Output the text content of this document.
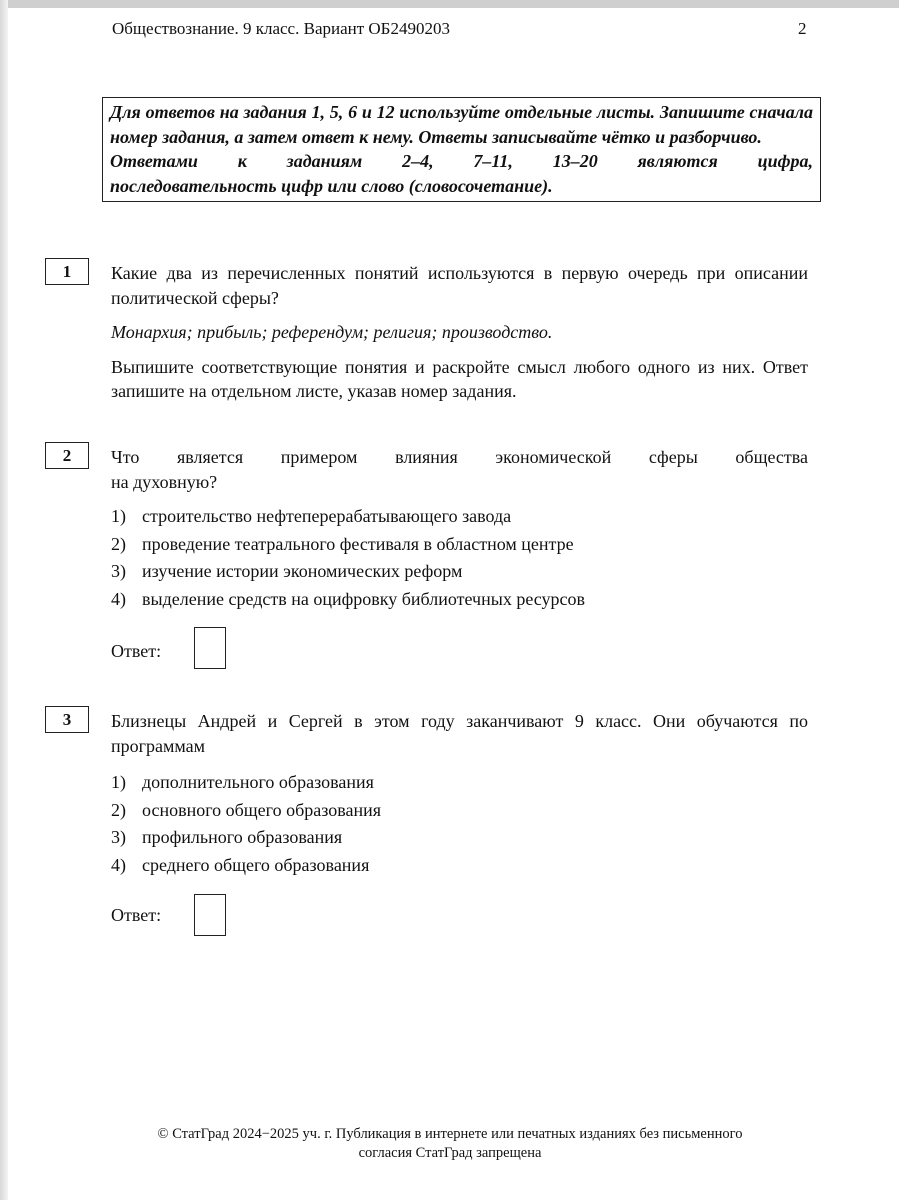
Обществознание. 9 класс. Вариант ОБ2490203	2

Для ответов на задания 1, 5, 6 и 12 используйте отдельные листы. Запишите сначала номер задания, а затем ответ к нему. Ответы записывайте чётко и разборчиво.

Ответами к заданиям 2–4, 7–11, 13–20 являются цифра,

последовательность цифр или слово (словосочетание).

1	Какие два из перечисленных понятий используются в первую очередь при описании политической сферы?

Монархия; прибыль; референдум; религия; производство.

Выпишите соответствующие понятия и раскройте смысл любого одного из них. Ответ запишите на отдельном листе, указав номер задания.

2	Что является примером влияния экономической сферы общества

на духовную?

1) строительство нефтеперерабатывающего завода
2) проведение театрального фестиваля в областном центре
3) изучение истории экономических реформ
4) выделение средств на оцифровку библиотечных ресурсов
Ответ:
3	Близнецы Андрей и Сергей в этом году заканчивают 9 класс. Они обучаются по программам

1) дополнительного образования
2) основного общего образования
3) профильного образования
4) среднего общего образования
Ответ:
© СтатГрад 2024−2025 уч. г. Публикация в интернете или печатных изданиях без письменного
согласия СтатГрад запрещена
